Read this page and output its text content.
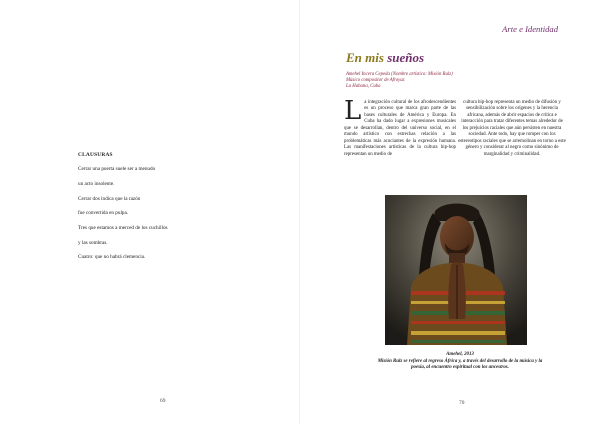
CLAUSURAS
Cerrar una puerta suele ser a menudo
un acto insolente.
Cerrar dos indica que la razón
fue convertida en pulpa.
Tres que estamos a merced de los cuchillos
y las sombras.
Cuatro: que no habrá clemencia.
69
Arte e Identidad
En mis sueños
Amehel Incera Cepeda (Nombre artístico: Misión Rulz)
Músico compositor de Afroyaz
La Habana, Cuba
L a integración cultural de los afrodescendientes es un proceso que marca gran parte de las bases culturales de América y Europa. En Cuba ha dado lugar a expresiones musicales que se desarrollan, dentro del universo social, en el mundo artístico con estrechas relación a las problemáticas más acuciantes de la expresión humana. Las manifestaciones artísticas de la cultura hip-hop representan un medio de

cultura hip-hop representa un medio de difusión y sensibilización sobre los orígenes y la herencia africana, además de abrir espacios de crítica e interacción para tratar diferentes temas alrededor de los prejuicios raciales que aún persisten en nuestra sociedad. Ante todo, hay que romper con los estereotipos raciales que se arremolinan en torno a este género y considerar al negro como sinónimo de marginalidad y criminalidad.

Amehel, 2013
Misión Rulz se refiere al regreso África y, a través del desarrollo de la música y la
poesía, al encuentro espiritual con los ancestros.
70
